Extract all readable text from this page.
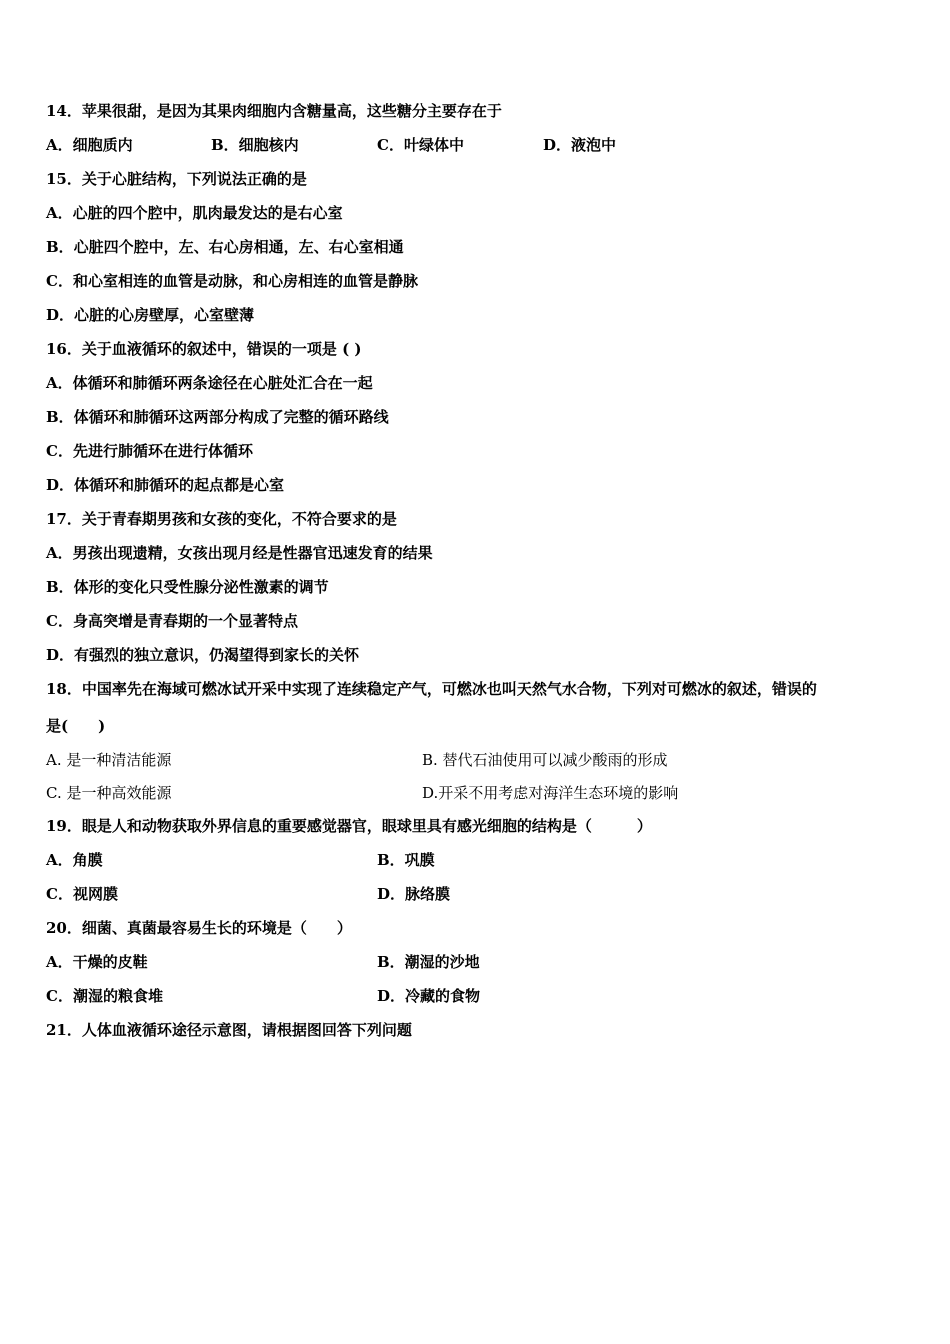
14．苹果很甜，是因为其果肉细胞内含糖量高，这些糖分主要存在于
A．细胞质内	B．细胞核内	C．叶绿体中	D．液泡中
15．关于心脏结构，下列说法正确的是
A．心脏的四个腔中，肌肉最发达的是右心室
B．心脏四个腔中，左、右心房相通，左、右心室相通
C．和心室相连的血管是动脉，和心房相连的血管是静脉
D．心脏的心房壁厚，心室壁薄
16．关于血液循环的叙述中，错误的一项是 ( )
A．体循环和肺循环两条途径在心脏处汇合在一起
B．体循环和肺循环这两部分构成了完整的循环路线
C．先进行肺循环在进行体循环
D．体循环和肺循环的起点都是心室
17．关于青春期男孩和女孩的变化，不符合要求的是
A．男孩出现遗精，女孩出现月经是性器官迅速发育的结果
B．体形的变化只受性腺分泌性激素的调节
C．身高突增是青春期的一个显著特点
D．有强烈的独立意识，仍渴望得到家长的关怀
18．中国率先在海域可燃冰试开采中实现了连续稳定产气，可燃冰也叫天然气水合物，下列对可燃冰的叙述，错误的
是(　　)
A. 是一种清洁能源	B. 替代石油使用可以减少酸雨的形成
C. 是一种高效能源	D.开采不用考虑对海洋生态环境的影响
19．眼是人和动物获取外界信息的重要感觉器官，眼球里具有感光细胞的结构是（　　　）
A．角膜	B．巩膜
C．视网膜	D．脉络膜
20．细菌、真菌最容易生长的环境是（　　）
A．干燥的皮鞋	B．潮湿的沙地
C．潮湿的粮食堆	D．冷藏的食物
21．人体血液循环途径示意图，请根据图回答下列问题
